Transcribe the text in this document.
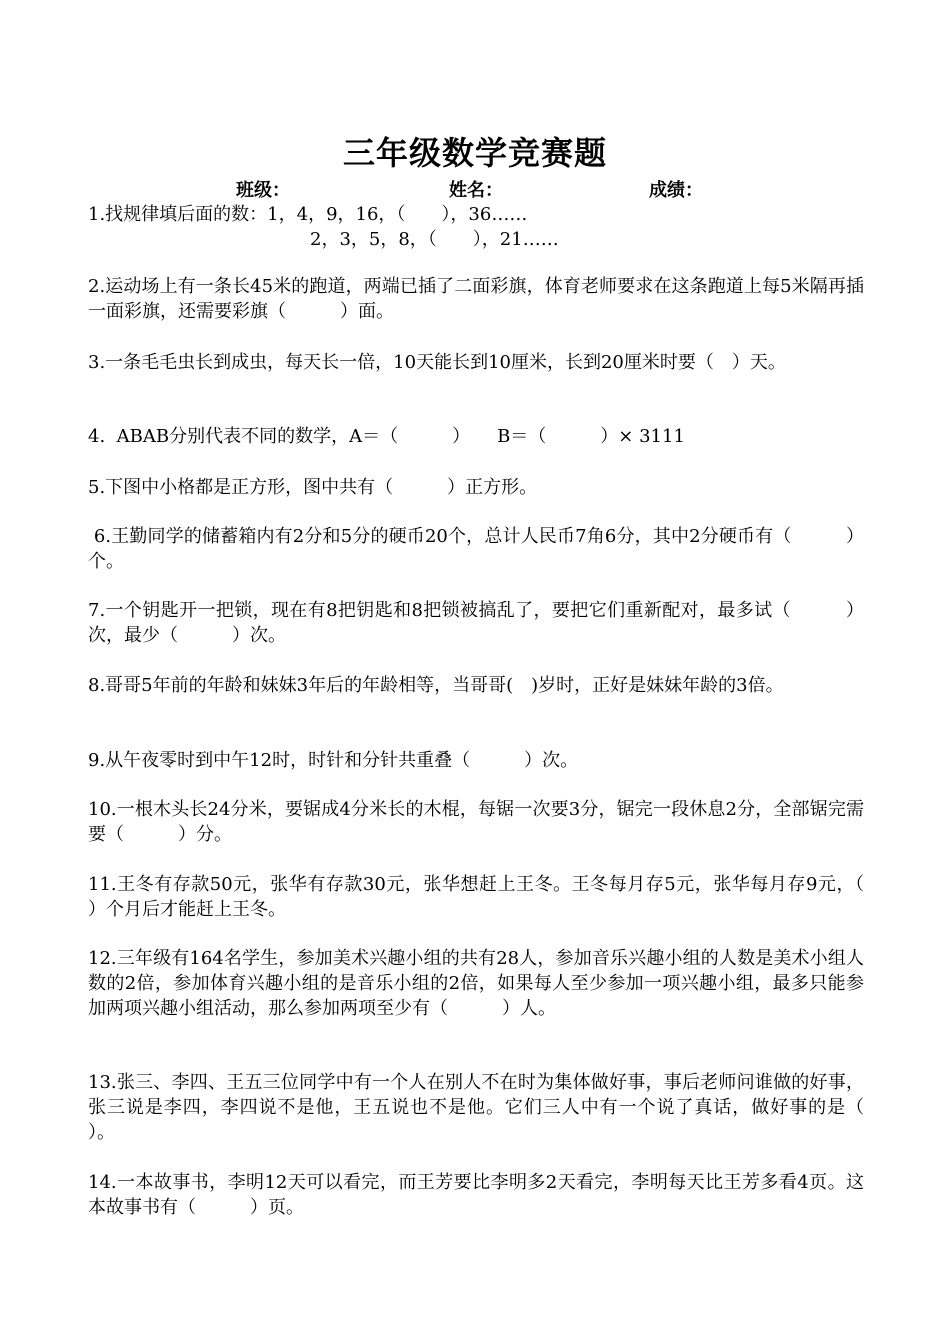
三年级数学竞赛题
班级：	姓名：	成绩：
1.找规律填后面的数：1，4，9，16，（　　），36……
2，3，5，8，（　　），21……
2.运动场上有一条长45米的跑道，两端已插了二面彩旗，体育老师要求在这条跑道上每5米隔再插一面彩旗，还需要彩旗（　　　）面。
3.一条毛毛虫长到成虫，每天长一倍，10天能长到10厘米，长到20厘米时要（　）天。
4.  ABAB分别代表不同的数学，A＝（　　　）　　B＝（　　　）× 3111
5.下图中小格都是正方形，图中共有（　　　）正方形。
6.王勤同学的储蓄箱内有2分和5分的硬币20个，总计人民币7角6分，其中2分硬币有（　　　）个。
7.一个钥匙开一把锁，现在有8把钥匙和8把锁被搞乱了，要把它们重新配对，最多试（　　　）次，最少（　　　）次。
8.哥哥5年前的年龄和妹妹3年后的年龄相等，当哥哥(　)岁时，正好是妹妹年龄的3倍。
9.从午夜零时到中午12时，时针和分针共重叠（　　　）次。
10.一根木头长24分米，要锯成4分米长的木棍，每锯一次要3分，锯完一段休息2分，全部锯完需要（　　　）分。
11.王冬有存款50元，张华有存款30元，张华想赶上王冬。王冬每月存5元，张华每月存9元，（　　　）个月后才能赶上王冬。
12.三年级有164名学生，参加美术兴趣小组的共有28人，参加音乐兴趣小组的人数是美术小组人数的2倍，参加体育兴趣小组的是音乐小组的2倍，如果每人至少参加一项兴趣小组，最多只能参加两项兴趣小组活动，那么参加两项至少有（　　　）人。
13.张三、李四、王五三位同学中有一个人在别人不在时为集体做好事，事后老师问谁做的好事，张三说是李四，李四说不是他，王五说也不是他。它们三人中有一个说了真话，做好事的是（　　　）。
14.一本故事书，李明12天可以看完，而王芳要比李明多2天看完，李明每天比王芳多看4页。这本故事书有（　　　）页。
